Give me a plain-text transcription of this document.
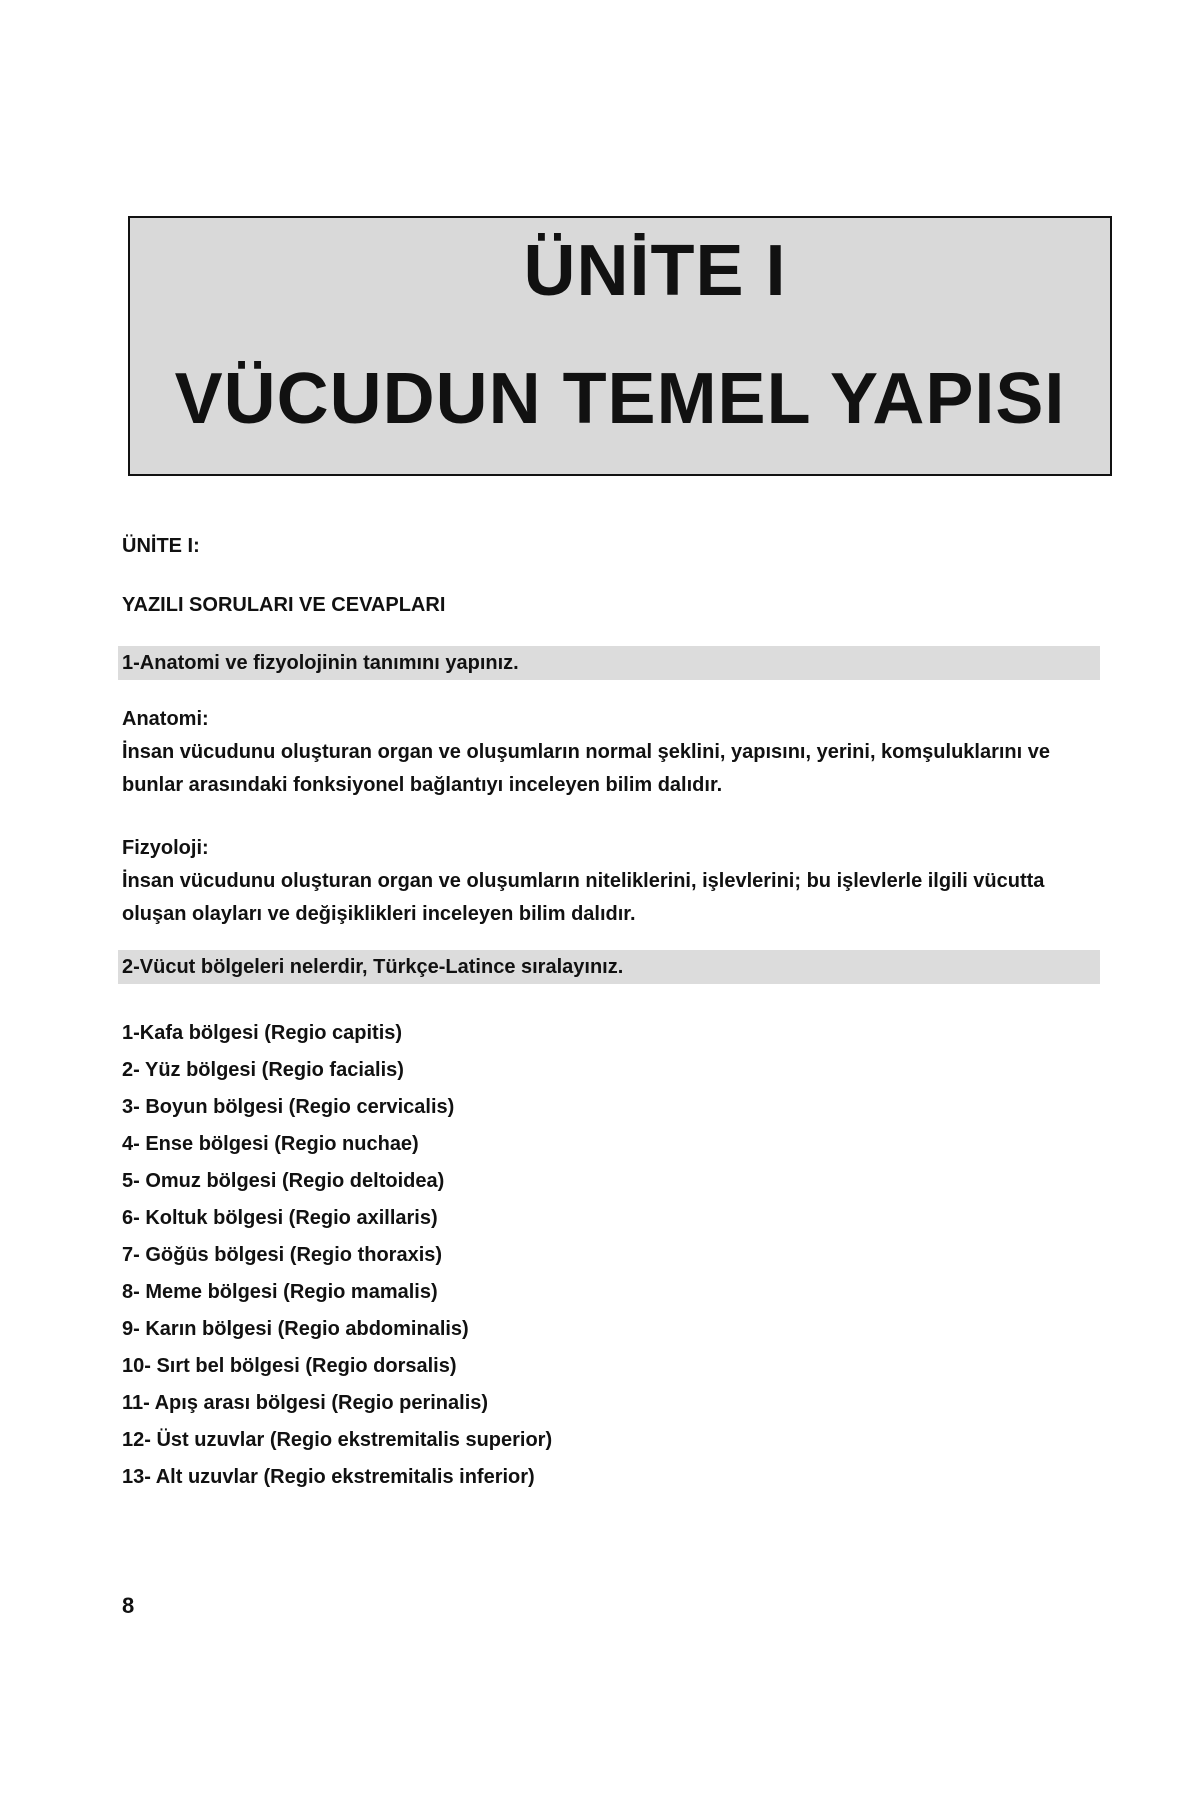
ÜNİTE I
VÜCUDUN TEMEL YAPISI
ÜNİTE I:
YAZILI SORULARI VE CEVAPLARI
1-Anatomi ve fizyolojinin tanımını yapınız.
Anatomi:
İnsan vücudunu oluşturan organ ve oluşumların normal şeklini, yapısını, yerini, komşuluklarını ve bunlar arasındaki fonksiyonel bağlantıyı inceleyen bilim dalıdır.
Fizyoloji:
İnsan vücudunu oluşturan organ ve oluşumların niteliklerini, işlevlerini; bu işlevlerle ilgili vücutta oluşan olayları ve değişiklikleri inceleyen bilim dalıdır.
2-Vücut bölgeleri nelerdir, Türkçe-Latince sıralayınız.
1-Kafa bölgesi (Regio capitis)
2- Yüz bölgesi (Regio facialis)
3- Boyun bölgesi (Regio cervicalis)
4- Ense bölgesi (Regio nuchae)
5- Omuz bölgesi (Regio deltoidea)
6- Koltuk bölgesi (Regio axillaris)
7- Göğüs bölgesi (Regio thoraxis)
8- Meme bölgesi (Regio mamalis)
9- Karın bölgesi (Regio abdominalis)
10- Sırt bel bölgesi (Regio dorsalis)
11- Apış arası bölgesi (Regio perinalis)
12- Üst uzuvlar (Regio ekstremitalis superior)
13- Alt uzuvlar (Regio ekstremitalis inferior)
8
